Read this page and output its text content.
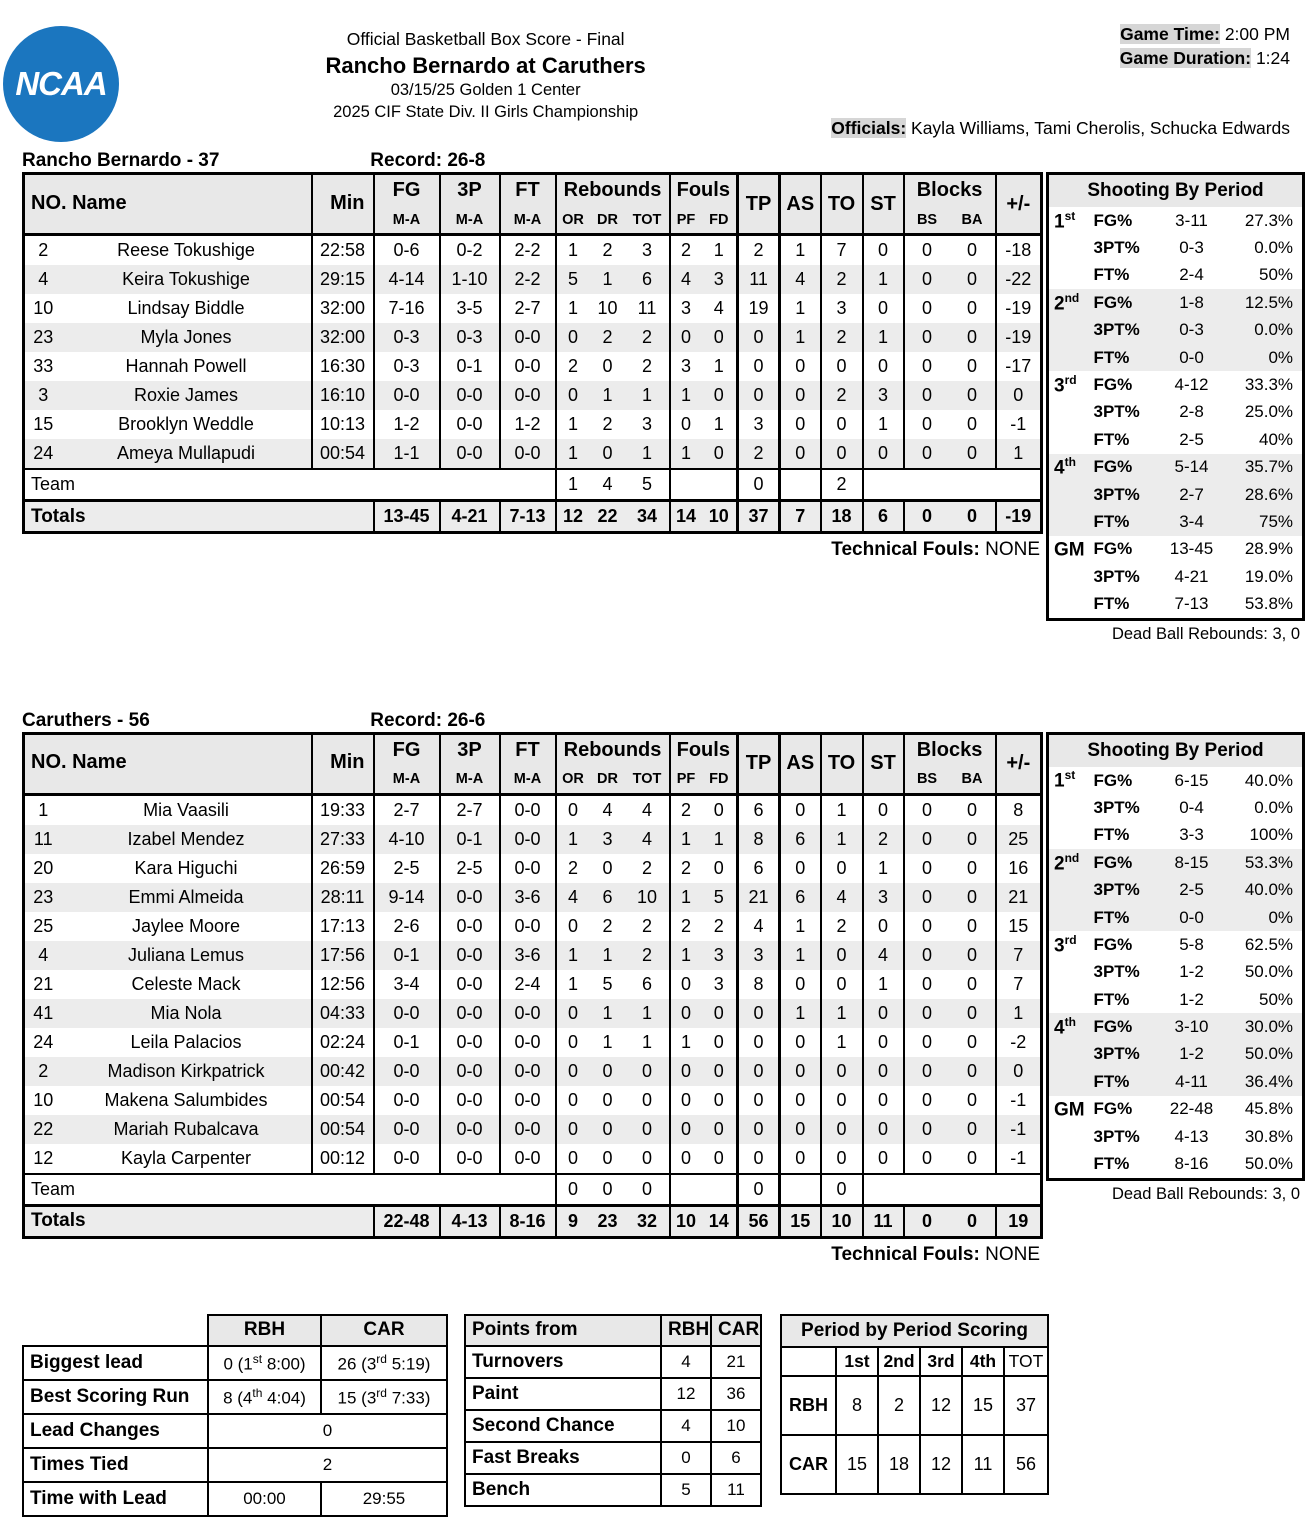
NCAA
®
Official Basketball Box Score - Final
Rancho Bernardo at Caruthers
03/15/25 Golden 1 Center
2025 CIF State Div. II Girls Championship
Game Time: 2:00 PM
Game Duration: 1:24
Officials: Kayla Williams, Tami Cherolis, Schucka Edwards
Rancho Bernardo - 37	Record: 26-8
NO. Name		Min	FG	3P	FT	Rebounds			Fouls		TP	AS	TO	ST	Blocks		+/-
			M-A	M-A	M-A	OR	DR	TOT	PF	FD					BS	BA	
2	Reese Tokushige	22:58	0-6	0-2	2-2	1	2	3	2	1	2	1	7	0	0	0	-18
4	Keira Tokushige	29:15	4-14	1-10	2-2	5	1	6	4	3	11	4	2	1	0	0	-22
10	Lindsay Biddle	32:00	7-16	3-5	2-7	1	10	11	3	4	19	1	3	0	0	0	-19
23	Myla Jones	32:00	0-3	0-3	0-0	0	2	2	0	0	0	1	2	1	0	0	-19
33	Hannah Powell	16:30	0-3	0-1	0-0	2	0	2	3	1	0	0	0	0	0	0	-17
3	Roxie James	16:10	0-0	0-0	0-0	0	1	1	1	0	0	0	2	3	0	0	0
15	Brooklyn Weddle	10:13	1-2	0-0	1-2	1	2	3	0	1	3	0	0	1	0	0	-1
24	Ameya Mullapudi	00:54	1-1	0-0	0-0	1	0	1	1	0	2	0	0	0	0	0	1
Team						1	4	5			0		2				
Totals			13-45	4-21	7-13	12	22	34	14	10	37	7	18	6	0	0	-19
Technical Fouls: NONE
Shooting By Period			
1st	FG%	3-11	27.3%
	3PT%	0-3	0.0%
	FT%	2-4	50%
2nd	FG%	1-8	12.5%
	3PT%	0-3	0.0%
	FT%	0-0	0%
3rd	FG%	4-12	33.3%
	3PT%	2-8	25.0%
	FT%	2-5	40%
4th	FG%	5-14	35.7%
	3PT%	2-7	28.6%
	FT%	3-4	75%
GM	FG%	13-45	28.9%
	3PT%	4-21	19.0%
	FT%	7-13	53.8%
Dead Ball Rebounds: 3, 0
Caruthers - 56	Record: 26-6
NO. Name		Min	FG	3P	FT	Rebounds			Fouls		TP	AS	TO	ST	Blocks		+/-
			M-A	M-A	M-A	OR	DR	TOT	PF	FD					BS	BA	
1	Mia Vaasili	19:33	2-7	2-7	0-0	0	4	4	2	0	6	0	1	0	0	0	8
11	Izabel Mendez	27:33	4-10	0-1	0-0	1	3	4	1	1	8	6	1	2	0	0	25
20	Kara Higuchi	26:59	2-5	2-5	0-0	2	0	2	2	0	6	0	0	1	0	0	16
23	Emmi Almeida	28:11	9-14	0-0	3-6	4	6	10	1	5	21	6	4	3	0	0	21
25	Jaylee Moore	17:13	2-6	0-0	0-0	0	2	2	2	2	4	1	2	0	0	0	15
4	Juliana Lemus	17:56	0-1	0-0	3-6	1	1	2	1	3	3	1	0	4	0	0	7
21	Celeste Mack	12:56	3-4	0-0	2-4	1	5	6	0	3	8	0	0	1	0	0	7
41	Mia Nola	04:33	0-0	0-0	0-0	0	1	1	0	0	0	1	1	0	0	0	1
24	Leila Palacios	02:24	0-1	0-0	0-0	0	1	1	1	0	0	0	1	0	0	0	-2
2	Madison Kirkpatrick	00:42	0-0	0-0	0-0	0	0	0	0	0	0	0	0	0	0	0	0
10	Makena Salumbides	00:54	0-0	0-0	0-0	0	0	0	0	0	0	0	0	0	0	0	-1
22	Mariah Rubalcava	00:54	0-0	0-0	0-0	0	0	0	0	0	0	0	0	0	0	0	-1
12	Kayla Carpenter	00:12	0-0	0-0	0-0	0	0	0	0	0	0	0	0	0	0	0	-1
Team						0	0	0			0		0				
Totals			22-48	4-13	8-16	9	23	32	10	14	56	15	10	11	0	0	19
Technical Fouls: NONE
Shooting By Period			
1st	FG%	6-15	40.0%
	3PT%	0-4	0.0%
	FT%	3-3	100%
2nd	FG%	8-15	53.3%
	3PT%	2-5	40.0%
	FT%	0-0	0%
3rd	FG%	5-8	62.5%
	3PT%	1-2	50.0%
	FT%	1-2	50%
4th	FG%	3-10	30.0%
	3PT%	1-2	50.0%
	FT%	4-11	36.4%
GM	FG%	22-48	45.8%
	3PT%	4-13	30.8%
	FT%	8-16	50.0%
Dead Ball Rebounds: 3, 0
	RBH	CAR
Biggest lead	0 (1st 8:00)	26 (3rd 5:19)
Best Scoring Run	8 (4th 4:04)	15 (3rd 7:33)
Lead Changes	0	
Times Tied	2	
Time with Lead	00:00	29:55
Points from	RBH	CAR
Turnovers	4	21
Paint	12	36
Second Chance	4	10
Fast Breaks	0	6
Bench	5	11
Period by Period Scoring					
	1st	2nd	3rd	4th	TOT
RBH	8	2	12	15	37
CAR	15	18	12	11	56
